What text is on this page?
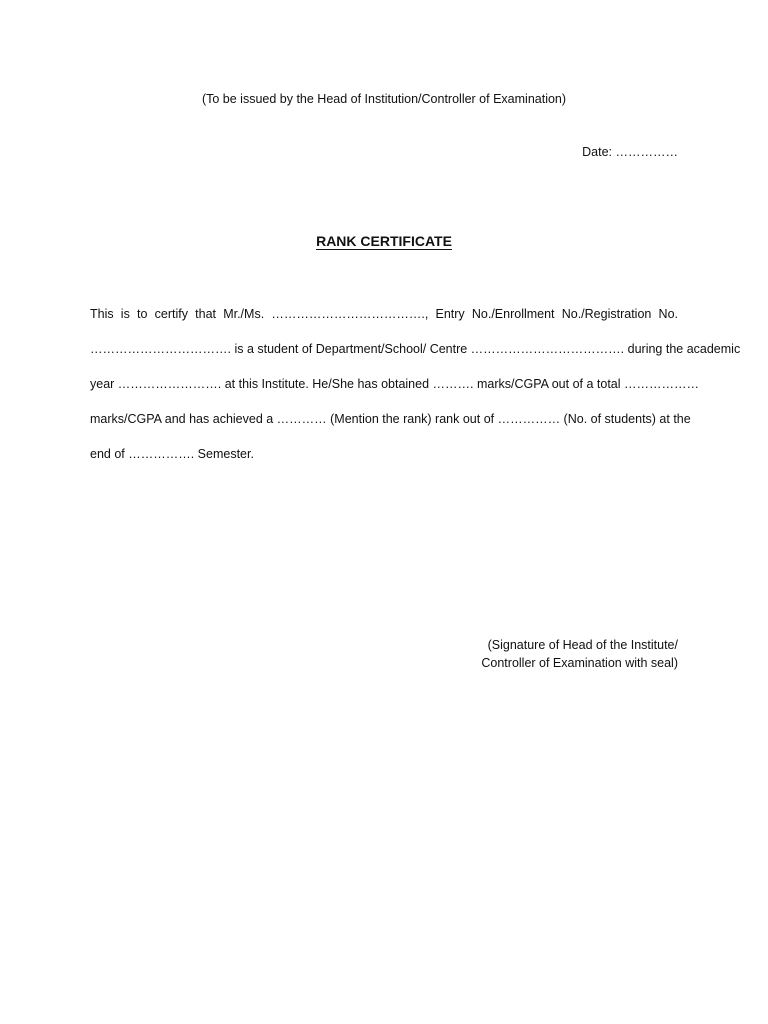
(To be issued by the Head of Institution/Controller of Examination)
Date: ……………
RANK CERTIFICATE
This is to certify that Mr./Ms. ………………………………., Entry No./Enrollment No./Registration No.
……………………………. is a student of Department/School/ Centre ………………………………. during the academic
year ……………………. at this Institute. He/She has obtained ………. marks/CGPA out of a total ………………
marks/CGPA and has achieved a ………… (Mention the rank) rank out of …………… (No. of students) at the
end of ……………. Semester.
(Signature of Head of the Institute/
Controller of Examination with seal)
